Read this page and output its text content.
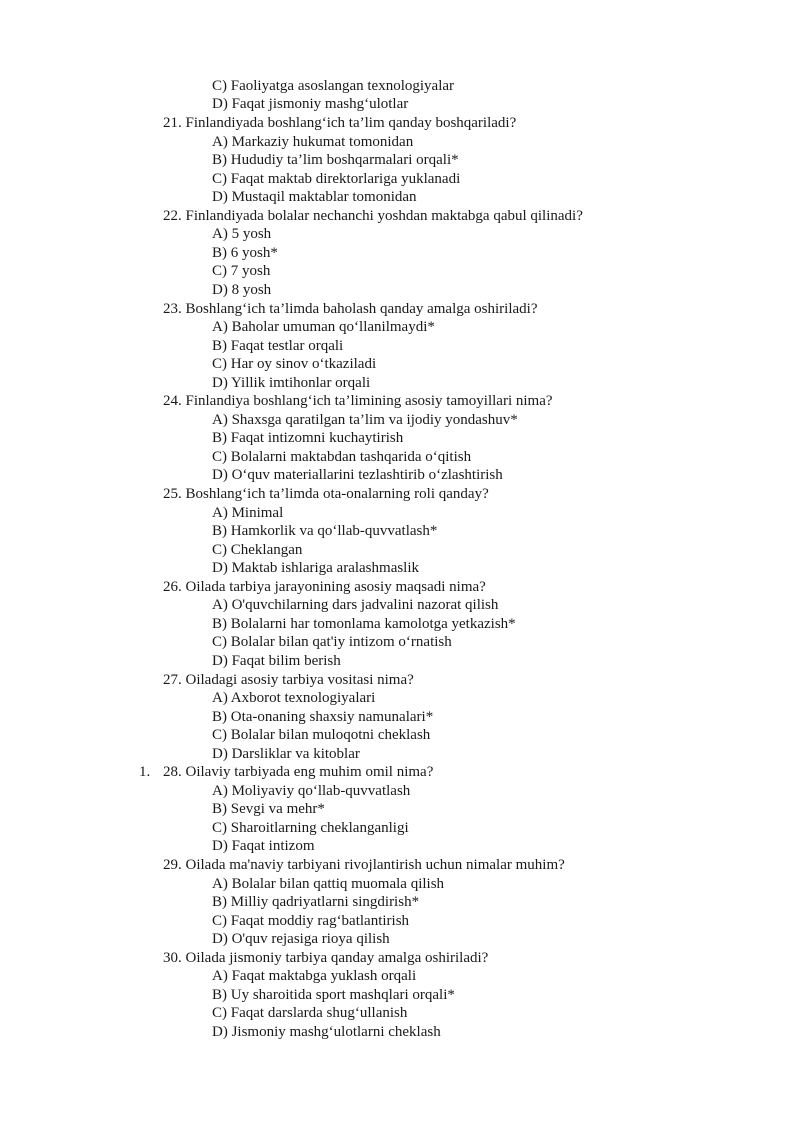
C) Faoliyatga asoslangan texnologiyalar
D) Faqat jismoniy mashg‘ulotlar
21. Finlandiyada boshlang‘ich ta’lim qanday boshqariladi?
A) Markaziy hukumat tomonidan
B) Hududiy ta’lim boshqarmalari orqali*
C) Faqat maktab direktorlariga yuklanadi
D) Mustaqil maktablar tomonidan
22. Finlandiyada bolalar nechanchi yoshdan maktabga qabul qilinadi?
A) 5 yosh
B) 6 yosh*
C) 7 yosh
D) 8 yosh
23. Boshlang‘ich ta’limda baholash qanday amalga oshiriladi?
A) Baholar umuman qo‘llanilmaydi*
B) Faqat testlar orqali
C) Har oy sinov o‘tkaziladi
D) Yillik imtihonlar orqali
24. Finlandiya boshlang‘ich ta’limining asosiy tamoyillari nima?
A) Shaxsga qaratilgan ta’lim va ijodiy yondashuv*
B) Faqat intizomni kuchaytirish
C) Bolalarni maktabdan tashqarida o‘qitish
D) O‘quv materiallarini tezlashtirib o‘zlashtirish
25. Boshlang‘ich ta’limda ota-onalarning roli qanday?
A) Minimal
B) Hamkorlik va qo‘llab-quvvatlash*
C) Cheklangan
D) Maktab ishlariga aralashmaslik
26. Oilada tarbiya jarayonining asosiy maqsadi nima?
A) O'quvchilarning dars jadvalini nazorat qilish
B) Bolalarni har tomonlama kamolotga yetkazish*
C) Bolalar bilan qat'iy intizom o‘rnatish
D) Faqat bilim berish
27. Oiladagi asosiy tarbiya vositasi nima?
A) Axborot texnologiyalari
B) Ota-onaning shaxsiy namunalari*
C) Bolalar bilan muloqotni cheklash
D) Darsliklar va kitoblar
1. 28. Oilaviy tarbiyada eng muhim omil nima?
A) Moliyaviy qo‘llab-quvvatlash
B) Sevgi va mehr*
C) Sharoitlarning cheklanganligi
D) Faqat intizom
29. Oilada ma'naviy tarbiyani rivojlantirish uchun nimalar muhim?
A) Bolalar bilan qattiq muomala qilish
B) Milliy qadriyatlarni singdirish*
C) Faqat moddiy rag‘batlantirish
D) O'quv rejasiga rioya qilish
30. Oilada jismoniy tarbiya qanday amalga oshiriladi?
A) Faqat maktabga yuklash orqali
B) Uy sharoitida sport mashqlari orqali*
C) Faqat darslarda shug‘ullanish
D) Jismoniy mashg‘ulotlarni cheklash
